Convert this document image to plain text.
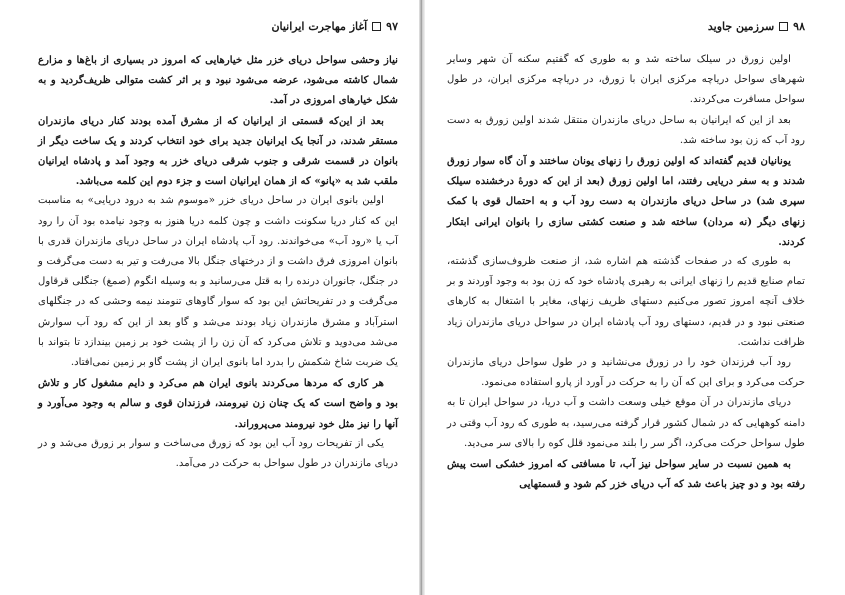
۹۷
آغاز مهاجرت ایرانیان

نیاز وحشی سواحل دریای خزر مثل خیارهایی که امروز در بسیاری از باغ‌ها و مزارع شمال کاشته می‌شود، عرضه می‌شود نبود و بر اثر کشت متوالی ظریف‌گردید و به شکل خیارهای امروزی در آمد.

بعد از این‌که قسمتی از ایرانیان که از مشرق آمده بودند کنار دریای مازندران مستقر شدند، در آنجا یک ایرانیان جدید برای خود انتخاب کردند و یک ساخت دیگر از بانوان در قسمت شرقی و جنوب شرقی دریای خزر به وجود آمد و پادشاه ایرانیان ملقب شد به «پانو» که از همان ایرانیان است و جزء دوم این کلمه می‌باشد.

اولین بانوی ایران در ساحل دریای خزر «موسوم شد به درود دریایی» به مناسبت این که کنار دریا سکونت داشت و چون کلمه دریا هنوز به وجود نیامده بود آن را رود آب یا «رود آب» می‌خواندند. رود آب پادشاه ایران در ساحل دریای مازندران قدری با بانوان امروزی فرق داشت و از درختهای جنگل بالا می‌رفت و تیر به دست می‌گرفت و در جنگل، جانوران درنده را به قتل می‌رسانید و به وسیله انگوم (صمغ) جنگلی قرقاول می‌گرفت و در تفریحاتش این بود که سوار گاوهای تنومند نیمه وحشی که در جنگلهای استرآباد و مشرق مازندران زیاد بودند می‌شد و گاو بعد از این که رود آب سوارش می‌شد می‌دوید و تلاش می‌کرد که آن زن را از پشت خود بر زمین بیندازد تا بتواند با یک ضربت شاخ شکمش را بدرد اما بانوی ایران از پشت گاو بر زمین نمی‌افتاد.

هر کاری که مردها می‌کردند بانوی ایران هم می‌کرد و دایم مشغول کار و تلاش بود و واضح است که یک چنان زن نیرومند، فرزندان قوی و سالم به وجود می‌آورد و آنها را نیز مثل خود نیرومند می‌پروراند.

یکی از تفریحات رود آب این بود که زورق می‌ساخت و سوار بر زورق می‌شد و در دریای مازندران در طول سواحل به حرکت در می‌آمد.

۹۸
سرزمین جاوید

اولین زورق در سیلک ساخته شد و به طوری که گفتیم سکنه آن شهر وسایر شهرهای سواحل دریاچه مرکزی ایران با زورق، در دریاچه مرکزی ایران، در طول سواحل مسافرت می‌کردند.

بعد از این که ایرانیان به ساحل دریای مازندران منتقل شدند اولین زورق به دست رود آب که زن بود ساخته شد.

یونانیان قدیم گفته‌اند که اولین زورق را زنهای یونان ساختند و آن گاه سوار زورق شدند و به سفر دریایی رفتند، اما اولین زورق (بعد از این که دورهٔ درخشنده سیلک سپری شد) در ساحل دریای مازندران به دست رود آب و به احتمال قوی با کمک زنهای دیگر (نه مردان) ساخته شد و صنعت کشتی سازی را بانوان ایرانی ابتکار کردند.

به طوری که در صفحات گذشته هم اشاره شد، از صنعت ظروف‌سازی گذشته، تمام صنایع قدیم را زنهای ایرانی به رهبری پادشاه خود که زن بود به وجود آوردند و بر خلاف آنچه امروز تصور می‌کنیم دستهای ظریف زنهای، مغایر با اشتغال به کارهای صنعتی نبود و در قدیم، دستهای رود آب پادشاه ایران در سواحل دریای مازندران زیاد ظرافت نداشت.

رود آب فرزندان خود را در زورق می‌نشانید و در طول سواحل دریای مازندران حرکت می‌کرد و برای این که آن را به حرکت در آورد از پارو استفاده می‌نمود.

دریای مازندران در آن موقع خیلی وسعت داشت و آب دریا، در سواحل ایران تا به دامنه کوههایی که در شمال کشور قرار گرفته می‌رسید، به طوری که رود آب وقتی در طول سواحل حرکت می‌کرد، اگر سر را بلند می‌نمود قلل کوه را بالای سر می‌دید.

به همین نسبت در سایر سواحل نیز آب، تا مسافتی که امروز خشکی است پیش رفته بود و دو چیز باعث شد که آب دریای خزر کم شود و قسمتهایی
